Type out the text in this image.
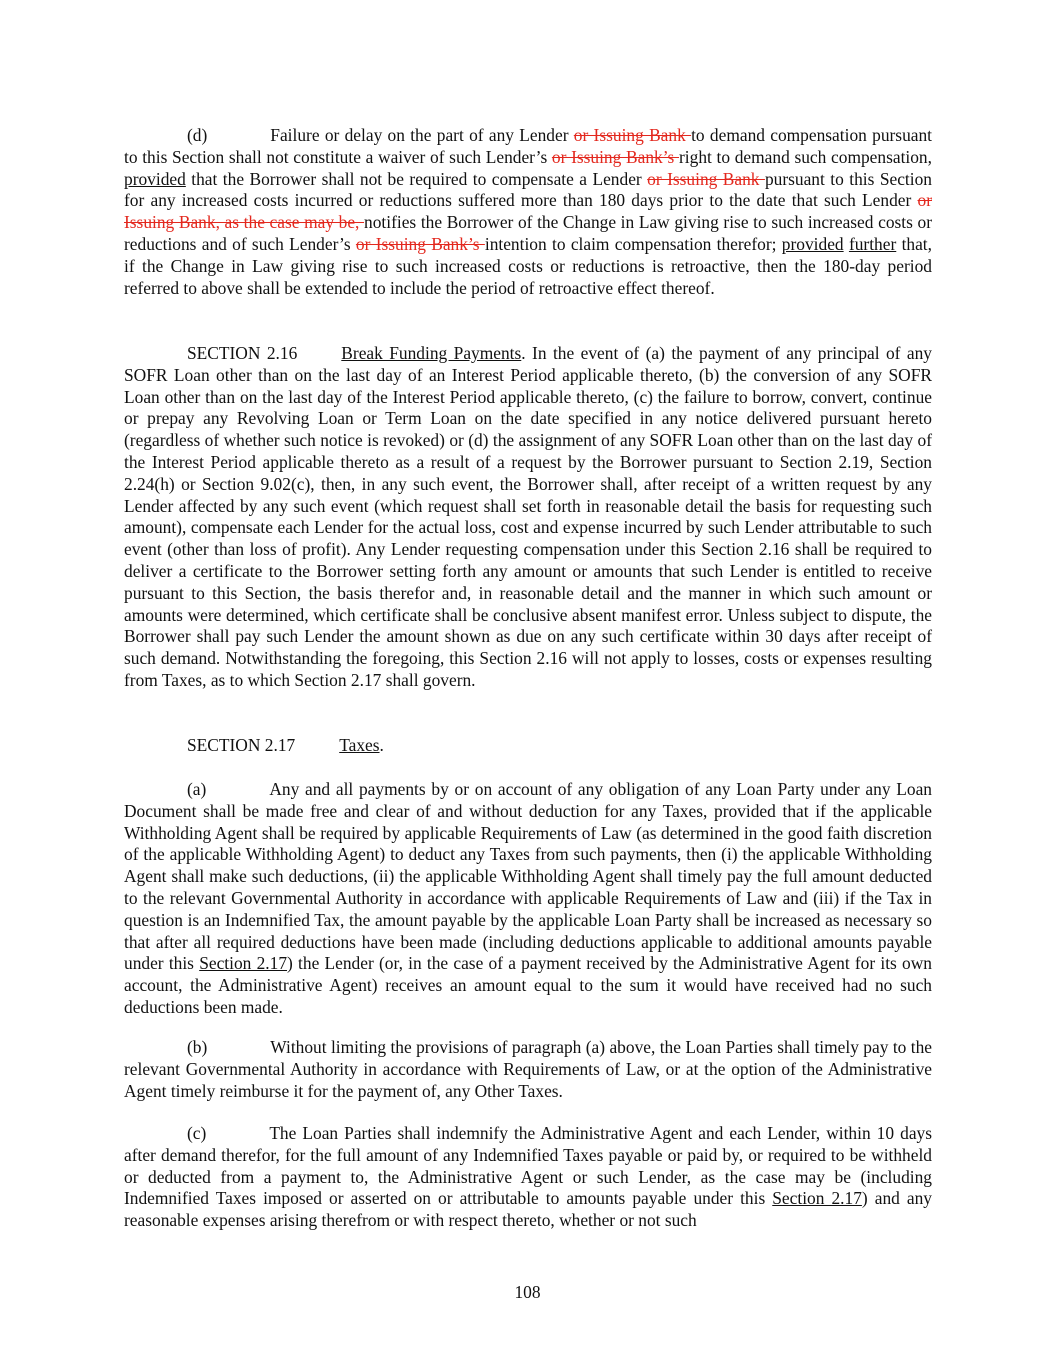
(d)	Failure or delay on the part of any Lender or Issuing Bank to demand compensation pursuant to this Section shall not constitute a waiver of such Lender’s or Issuing Bank’s right to demand such compensation, provided that the Borrower shall not be required to compensate a Lender or Issuing Bank pursuant to this Section for any increased costs incurred or reductions suffered more than 180 days prior to the date that such Lender or Issuing Bank, as the case may be, notifies the Borrower of the Change in Law giving rise to such increased costs or reductions and of such Lender’s or Issuing Bank’s intention to claim compensation therefor; provided further that, if the Change in Law giving rise to such increased costs or reductions is retroactive, then the 180-day period referred to above shall be extended to include the period of retroactive effect thereof.

SECTION 2.16	Break Funding Payments. In the event of (a) the payment of any principal of any SOFR Loan other than on the last day of an Interest Period applicable thereto, (b) the conversion of any SOFR Loan other than on the last day of the Interest Period applicable thereto, (c) the failure to borrow, convert, continue or prepay any Revolving Loan or Term Loan on the date specified in any notice delivered pursuant hereto (regardless of whether such notice is revoked) or (d) the assignment of any SOFR Loan other than on the last day of the Interest Period applicable thereto as a result of a request by the Borrower pursuant to Section 2.19, Section 2.24(h) or Section 9.02(c), then, in any such event, the Borrower shall, after receipt of a written request by any Lender affected by any such event (which request shall set forth in reasonable detail the basis for requesting such amount), compensate each Lender for the actual loss, cost and expense incurred by such Lender attributable to such event (other than loss of profit). Any Lender requesting compensation under this Section 2.16 shall be required to deliver a certificate to the Borrower setting forth any amount or amounts that such Lender is entitled to receive pursuant to this Section, the basis therefor and, in reasonable detail and the manner in which such amount or amounts were determined, which certificate shall be conclusive absent manifest error. Unless subject to dispute, the Borrower shall pay such Lender the amount shown as due on any such certificate within 30 days after receipt of such demand. Notwithstanding the foregoing, this Section 2.16 will not apply to losses, costs or expenses resulting from Taxes, as to which Section 2.17 shall govern.

SECTION 2.17	Taxes.

(a)	Any and all payments by or on account of any obligation of any Loan Party under any Loan Document shall be made free and clear of and without deduction for any Taxes, provided that if the applicable Withholding Agent shall be required by applicable Requirements of Law (as determined in the good faith discretion of the applicable Withholding Agent) to deduct any Taxes from such payments, then (i) the applicable Withholding Agent shall make such deductions, (ii) the applicable Withholding Agent shall timely pay the full amount deducted to the relevant Governmental Authority in accordance with applicable Requirements of Law and (iii) if the Tax in question is an Indemnified Tax, the amount payable by the applicable Loan Party shall be increased as necessary so that after all required deductions have been made (including deductions applicable to additional amounts payable under this Section 2.17) the Lender (or, in the case of a payment received by the Administrative Agent for its own account, the Administrative Agent) receives an amount equal to the sum it would have received had no such deductions been made.

(b)	Without limiting the provisions of paragraph (a) above, the Loan Parties shall timely pay to the relevant Governmental Authority in accordance with Requirements of Law, or at the option of the Administrative Agent timely reimburse it for the payment of, any Other Taxes.

(c)	The Loan Parties shall indemnify the Administrative Agent and each Lender, within 10 days after demand therefor, for the full amount of any Indemnified Taxes payable or paid by, or required to be withheld or deducted from a payment to, the Administrative Agent or such Lender, as the case may be (including Indemnified Taxes imposed or asserted on or attributable to amounts payable under this Section 2.17) and any reasonable expenses arising therefrom or with respect thereto, whether or not such

108
